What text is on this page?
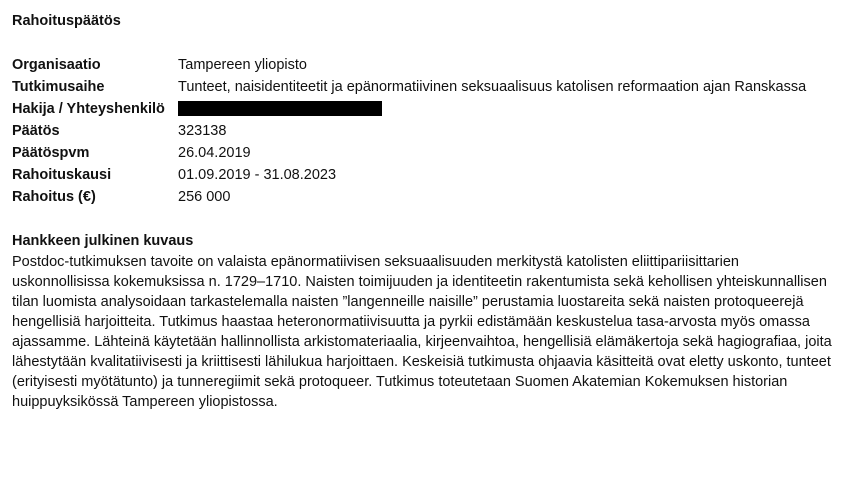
Rahoituspäätös
Organisaatio	Tampereen yliopisto
Tutkimusaihe	Tunteet, naisidentiteetit ja epänormatiivinen seksuaalisuus katolisen reformaation ajan Ranskassa
Hakija / Yhteyshenkilö
Päätös	323138
Päätöspvm	26.04.2019
Rahoituskausi	01.09.2019 - 31.08.2023
Rahoitus (€)	256 000
Hankkeen julkinen kuvaus

Postdoc-tutkimuksen tavoite on valaista epänormatiivisen seksuaalisuuden merkitystä katolisten eliittipariisittarien uskonnollisissa kokemuksissa n. 1729–1710. Naisten toimijuuden ja identiteetin rakentumista sekä kehollisen yhteiskunnallisen tilan luomista analysoidaan tarkastelemalla naisten ”langenneille naisille” perustamia luostareita sekä naisten protoqueerejä hengellisiä harjoitteita. Tutkimus haastaa heteronormatiivisuutta ja pyrkii edistämään keskustelua tasa-arvosta myös omassa ajassamme. Lähteinä käytetään hallinnollista arkistomateriaalia, kirjeenvaihtoa, hengellisiä elämäkertoja sekä hagiografiaa, joita lähestytään kvalitatiivisesti ja kriittisesti lähilukua harjoittaen. Keskeisiä tutkimusta ohjaavia käsitteitä ovat eletty uskonto, tunteet (erityisesti myötätunto) ja tunneregiimit sekä protoqueer. Tutkimus toteutetaan Suomen Akatemian Kokemuksen historian huippuyksikössä Tampereen yliopistossa.
